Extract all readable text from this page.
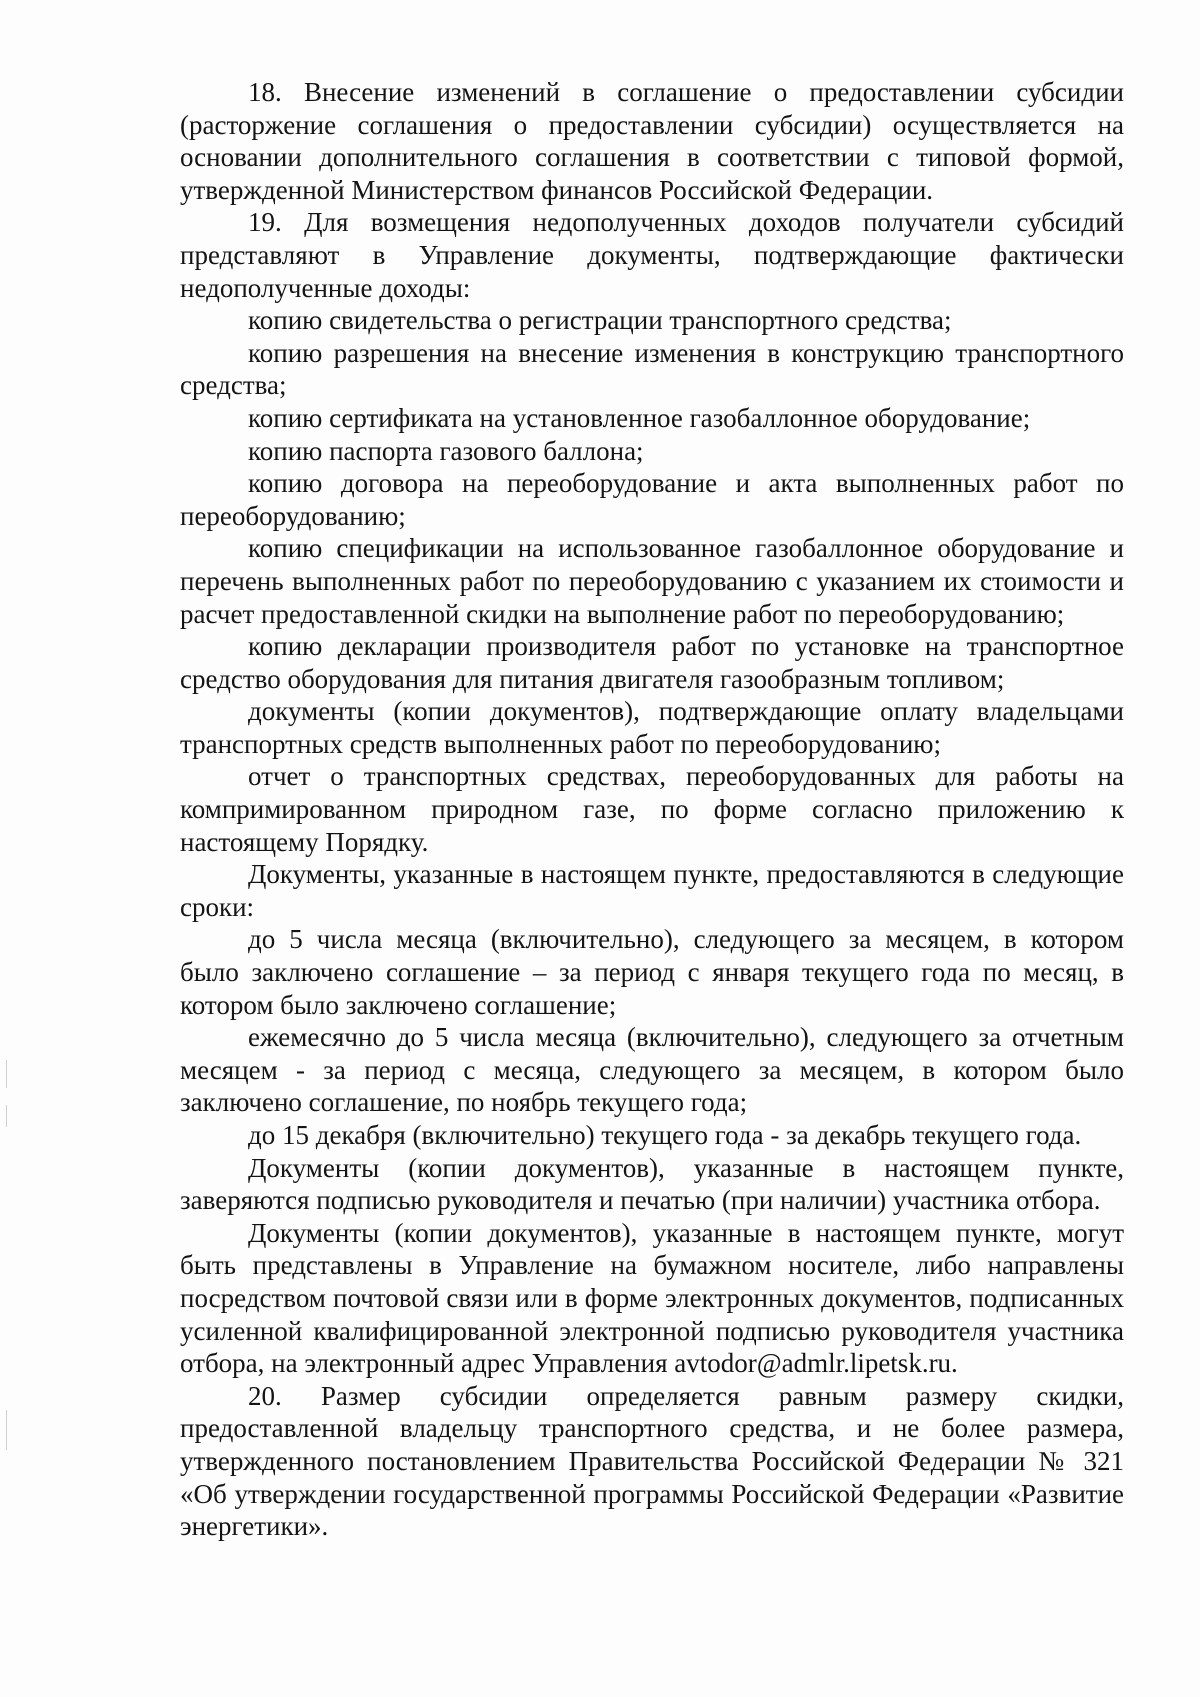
18. Внесение изменений в соглашение о предоставлении субсидии (расторжение соглашения о предоставлении субсидии) осуществляется на основании дополнительного соглашения в соответствии с типовой формой, утвержденной Министерством финансов Российской Федерации.

19. Для возмещения недополученных доходов получатели субсидий представляют в Управление документы, подтверждающие фактически недополученные доходы:

копию свидетельства о регистрации транспортного средства;

копию разрешения на внесение изменения в конструкцию транспортного средства;

копию сертификата на установленное газобаллонное оборудование;

копию паспорта газового баллона;

копию договора на переоборудование и акта выполненных работ по переоборудованию;

копию спецификации на использованное газобаллонное оборудование и перечень выполненных работ по переоборудованию с указанием их стоимости и расчет предоставленной скидки на выполнение работ по переоборудованию;

копию декларации производителя работ по установке на транспортное средство оборудования для питания двигателя газообразным топливом;

документы (копии документов), подтверждающие оплату владельцами транспортных средств выполненных работ по переоборудованию;

отчет о транспортных средствах, переоборудованных для работы на компримированном природном газе, по форме согласно приложению к настоящему Порядку.

Документы, указанные в настоящем пункте, предоставляются в следующие сроки:

до 5 числа месяца (включительно), следующего за месяцем, в котором было заключено соглашение – за период с января текущего года по месяц, в котором было заключено соглашение;

ежемесячно до 5 числа месяца (включительно), следующего за отчетным месяцем - за период с месяца, следующего за месяцем, в котором было заключено соглашение, по ноябрь текущего года;

до 15 декабря (включительно) текущего года - за декабрь текущего года.

Документы (копии документов), указанные в настоящем пункте, заверяются подписью руководителя и печатью (при наличии) участника отбора.

Документы (копии документов), указанные в настоящем пункте, могут быть представлены в Управление на бумажном носителе, либо направлены посредством почтовой связи или в форме электронных документов, подписанных усиленной квалифицированной электронной подписью руководителя участника отбора, на электронный адрес Управления avtodor@admlr.lipetsk.ru.

20. Размер субсидии определяется равным размеру скидки, предоставленной владельцу транспортного средства, и не более размера, утвержденного постановлением Правительства Российской Федерации № 321 «Об утверждении государственной программы Российской Федерации «Развитие энергетики».
